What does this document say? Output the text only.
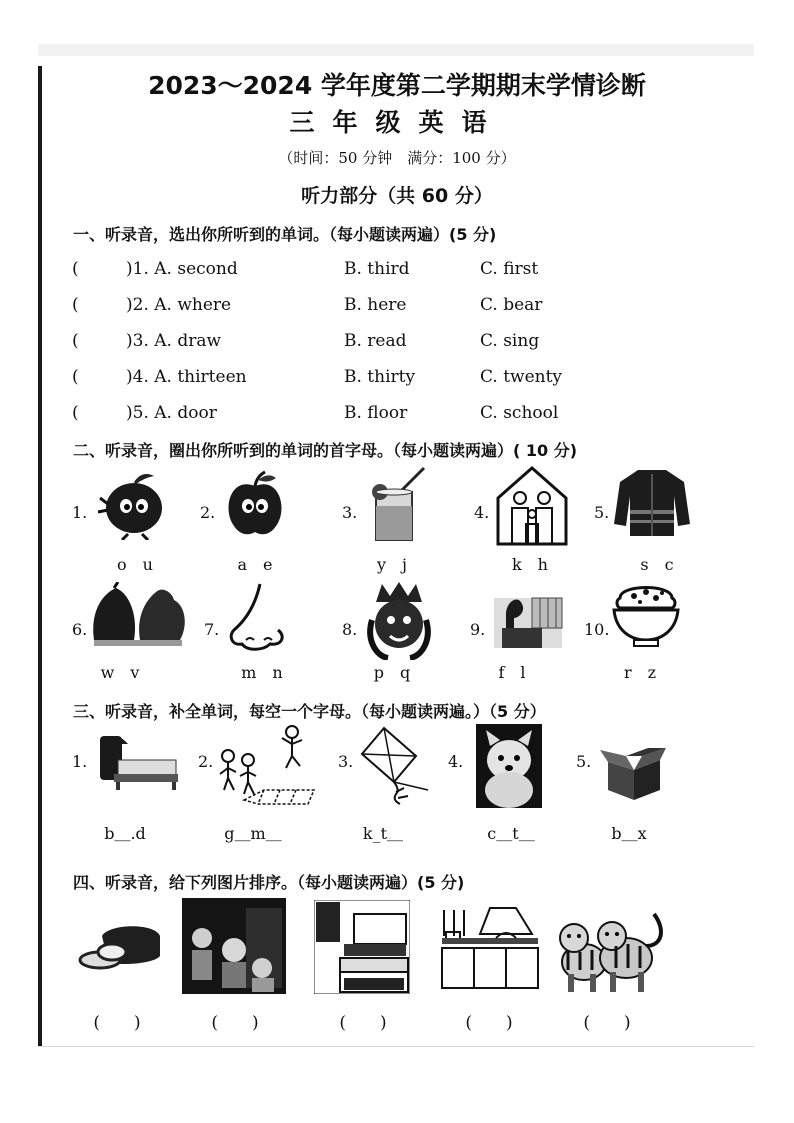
2023～2024 学年度第二学期期末学情诊断
三年级英语
（时间：50 分钟　满分：100 分）
听力部分（共 60 分）
一、听录音，选出你所听到的单词。（每小题读两遍）(5 分)
(	)1. A. second	B. third	C. first
(	)2. A. where	B. here	C. bear
(	)3. A. draw	B. read	C. sing
(	)4. A. thirteen	B. thirty	C. twenty
(	)5. A. door	B. floor	C. school
二、听录音，圈出你所听到的单词的首字母。（每小题读两遍）( 10 分)
1.
o　u
2.
a　e
3.
y　j
4.
k　h
5.
s　c
6.
w　v
7.
m　n
8.
p　q
9.
f　l
10.
r　z
三、听录音，补全单词，每空一个字母。（每小题读两遍。）（5 分）
1.
b＿.d
2.
g＿m＿
3.
k_t＿
4.
c＿t＿
5.
b＿x
四、听录音，给下列图片排序。（每小题读两遍）(5 分)
(　　)	(　　)	(　　)	(　　)	(　　)
